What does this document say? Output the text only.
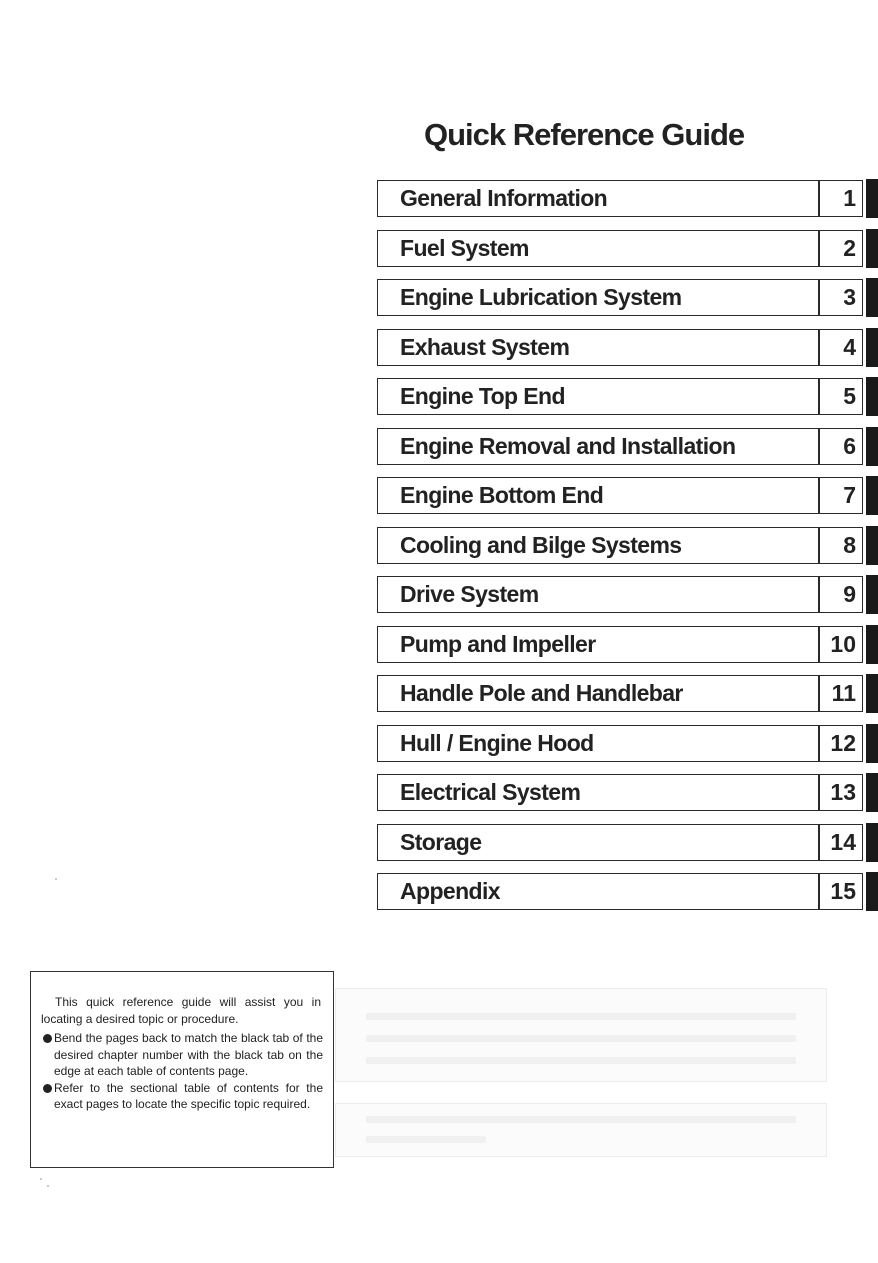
Quick Reference Guide
General Information	1
Fuel System	2
Engine Lubrication System	3
Exhaust System	4
Engine Top End	5
Engine Removal and Installation	6
Engine Bottom End	7
Cooling and Bilge Systems	8
Drive System	9
Pump and Impeller	10
Handle Pole and Handlebar	11
Hull / Engine Hood	12
Electrical System	13
Storage	14
Appendix	15
This quick reference guide will assist you in locating a desired topic or procedure.
Bend the pages back to match the black tab of the desired chapter number with the black tab on the edge at each table of contents page.
Refer to the sectional table of contents for the exact pages to locate the specific topic required.
